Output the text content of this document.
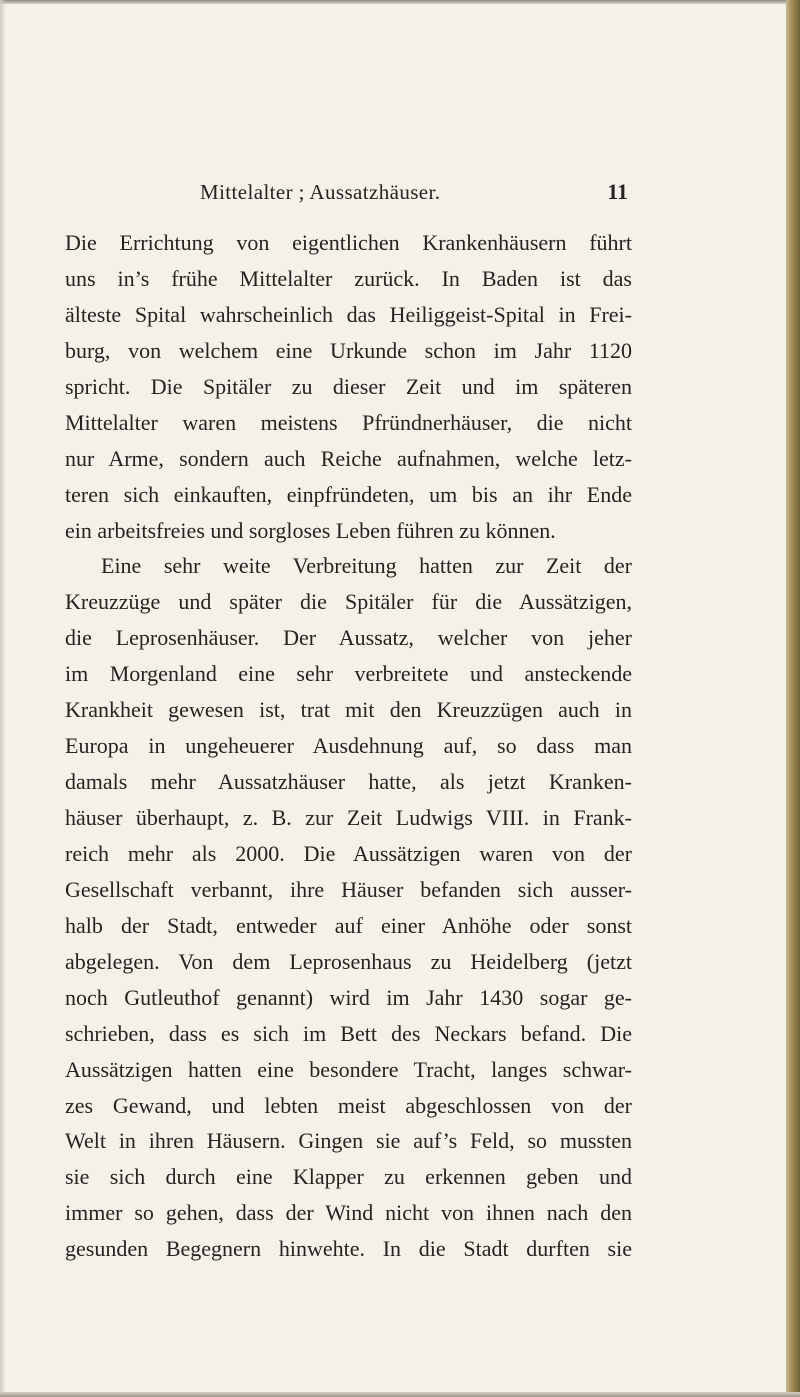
Mittelalter ; Aussatzhäuser.	11
Die Errichtung von eigentlichen Krankenhäusern führt
uns in’s frühe Mittelalter zurück. In Baden ist das
älteste Spital wahrscheinlich das Heiliggeist-Spital in Frei-
burg, von welchem eine Urkunde schon im Jahr 1120
spricht. Die Spitäler zu dieser Zeit und im späteren
Mittelalter waren meistens Pfründnerhäuser, die nicht
nur Arme, sondern auch Reiche aufnahmen, welche letz-
teren sich einkauften, einpfründeten, um bis an ihr Ende
ein arbeitsfreies und sorgloses Leben führen zu können.
Eine sehr weite Verbreitung hatten zur Zeit der
Kreuzzüge und später die Spitäler für die Aussätzigen,
die Leprosenhäuser. Der Aussatz, welcher von jeher
im Morgenland eine sehr verbreitete und ansteckende
Krankheit gewesen ist, trat mit den Kreuzzügen auch in
Europa in ungeheuerer Ausdehnung auf, so dass man
damals mehr Aussatzhäuser hatte, als jetzt Kranken-
häuser überhaupt, z. B. zur Zeit Ludwigs VIII. in Frank-
reich mehr als 2000. Die Aussätzigen waren von der
Gesellschaft verbannt, ihre Häuser befanden sich ausser-
halb der Stadt, entweder auf einer Anhöhe oder sonst
abgelegen. Von dem Leprosenhaus zu Heidelberg (jetzt
noch Gutleuthof genannt) wird im Jahr 1430 sogar ge-
schrieben, dass es sich im Bett des Neckars befand. Die
Aussätzigen hatten eine besondere Tracht, langes schwar-
zes Gewand, und lebten meist abgeschlossen von der
Welt in ihren Häusern. Gingen sie auf’s Feld, so mussten
sie sich durch eine Klapper zu erkennen geben und
immer so gehen, dass der Wind nicht von ihnen nach den
gesunden Begegnern hinwehte. In die Stadt durften sie
